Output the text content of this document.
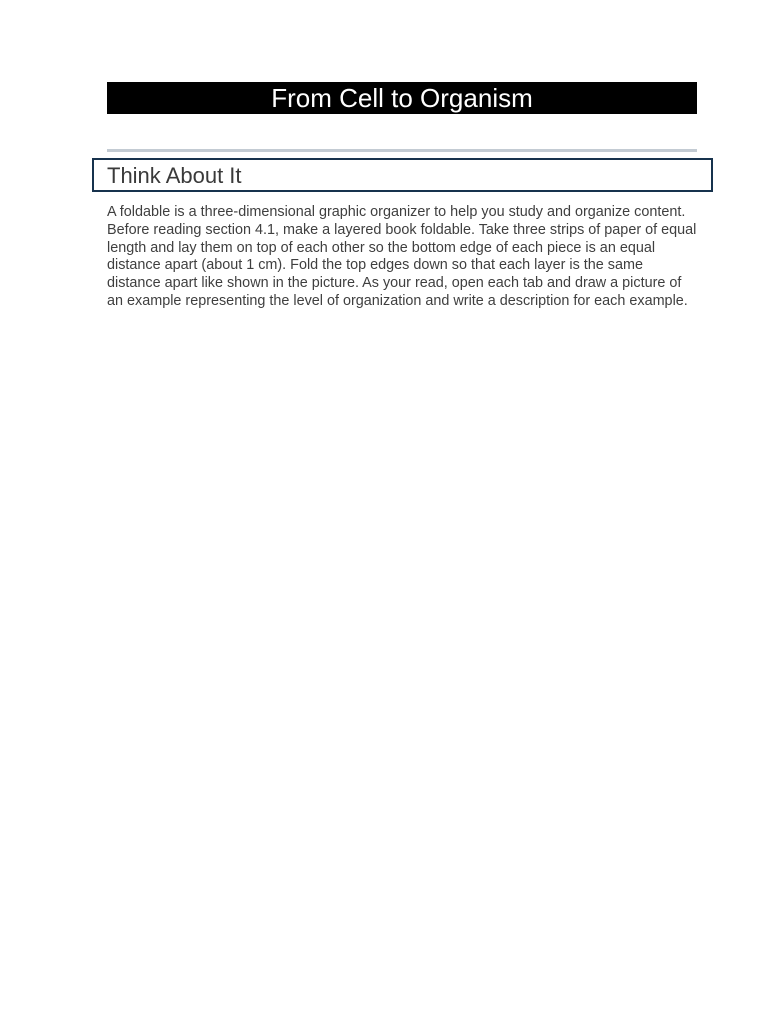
From Cell to Organism
Think About It

A foldable is a three-dimensional graphic organizer to help you study and organize content. Before reading section 4.1, make a layered book foldable. Take three strips of paper of equal length and lay them on top of each other so the bottom edge of each piece is an equal distance apart (about 1 cm). Fold the top edges down so that each layer is the same distance apart like shown in the picture. As your read, open each tab and draw a picture of an example representing the level of organization and write a description for each example.
